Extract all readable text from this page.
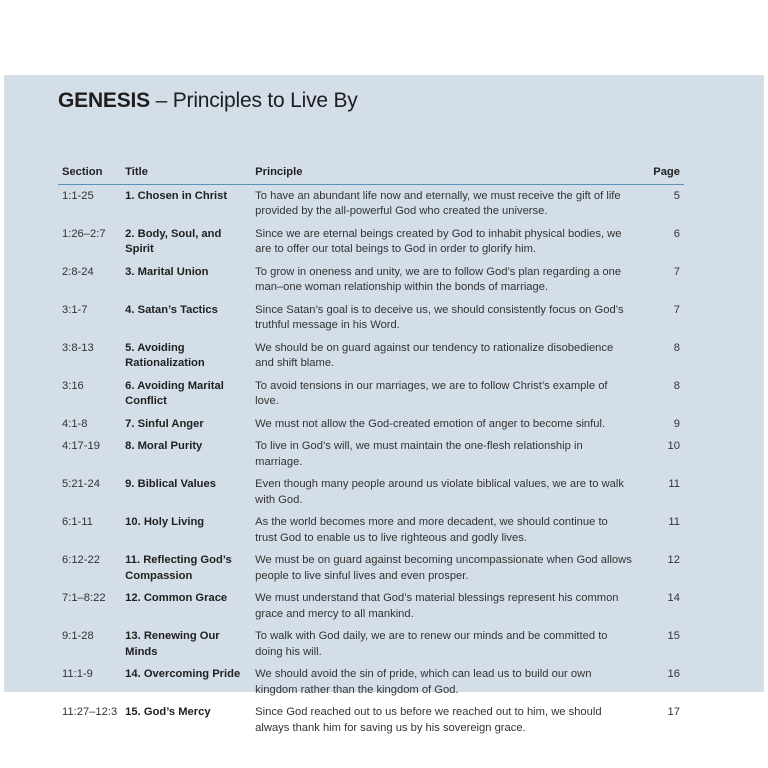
GENESIS – Principles to Live By
Section	Title	Principle	Page
1:1-25	1. Chosen in Christ	To have an abundant life now and eternally, we must receive the gift of life provided by the all-powerful God who created the universe.	5
1:26–2:7	2. Body, Soul, and Spirit	Since we are eternal beings created by God to inhabit physical bodies, we are to offer our total beings to God in order to glorify him.	6
2:8-24	3. Marital Union	To grow in oneness and unity, we are to follow God’s plan regarding a one man–one woman relationship within the bonds of marriage.	7
3:1-7	4. Satan’s Tactics	Since Satan’s goal is to deceive us, we should consistently focus on God’s truthful message in his Word.	7
3:8-13	5. Avoiding Rationalization	We should be on guard against our tendency to rationalize disobedience and shift blame.	8
3:16	6. Avoiding Marital Conflict	To avoid tensions in our marriages, we are to follow Christ’s example of love.	8
4:1-8	7. Sinful Anger	We must not allow the God-created emotion of anger to become sinful.	9
4:17-19	8. Moral Purity	To live in God’s will, we must maintain the one-flesh relationship in marriage.	10
5:21-24	9. Biblical Values	Even though many people around us violate biblical values, we are to walk with God.	11
6:1-11	10. Holy Living	As the world becomes more and more decadent, we should continue to trust God to enable us to live righteous and godly lives.	11
6:12-22	11. Reflecting God’s Compassion	We must be on guard against becoming uncompassionate when God allows people to live sinful lives and even prosper.	12
7:1–8:22	12. Common Grace	We must understand that God’s material blessings represent his common grace and mercy to all mankind.	14
9:1-28	13. Renewing Our Minds	To walk with God daily, we are to renew our minds and be committed to doing his will.	15
11:1-9	14. Overcoming Pride	We should avoid the sin of pride, which can lead us to build our own kingdom rather than the kingdom of God.	16
11:27–12:3	15. God’s Mercy	Since God reached out to us before we reached out to him, we should always thank him for saving us by his sovereign grace.	17
